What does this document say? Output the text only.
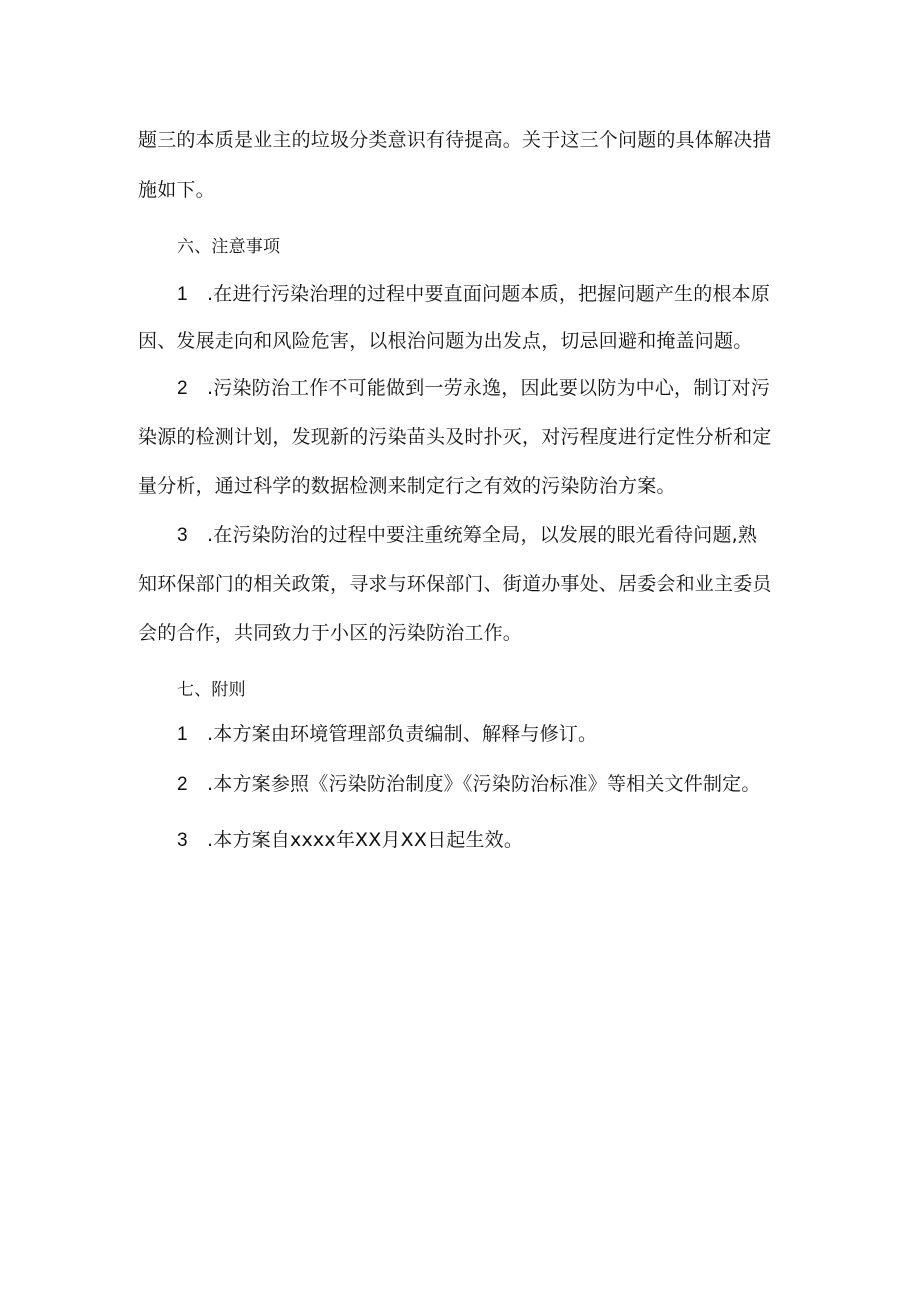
题三的本质是业主的垃圾分类意识有待提高。关于这三个问题的具体解决措
施如下。
六、注意事项
1 .在进行污染治理的过程中要直面问题本质，把握问题产生的根本原
因、发展走向和风险危害，以根治问题为出发点，切忌回避和掩盖问题。
2 .污染防治工作不可能做到一劳永逸，因此要以防为中心，制订对污
染源的检测计划，发现新的污染苗头及时扑灭，对污程度进行定性分析和定
量分析，通过科学的数据检测来制定行之有效的污染防治方案。
3 .在污染防治的过程中要注重统筹全局，以发展的眼光看待问题,熟
知环保部门的相关政策，寻求与环保部门、街道办事处、居委会和业主委员
会的合作，共同致力于小区的污染防治工作。
七、附则
1 .本方案由环境管理部负责编制、解释与修订。
2 .本方案参照《污染防治制度》《污染防治标准》等相关文件制定。
3 .本方案自xxxx年XX月XX日起生效。
